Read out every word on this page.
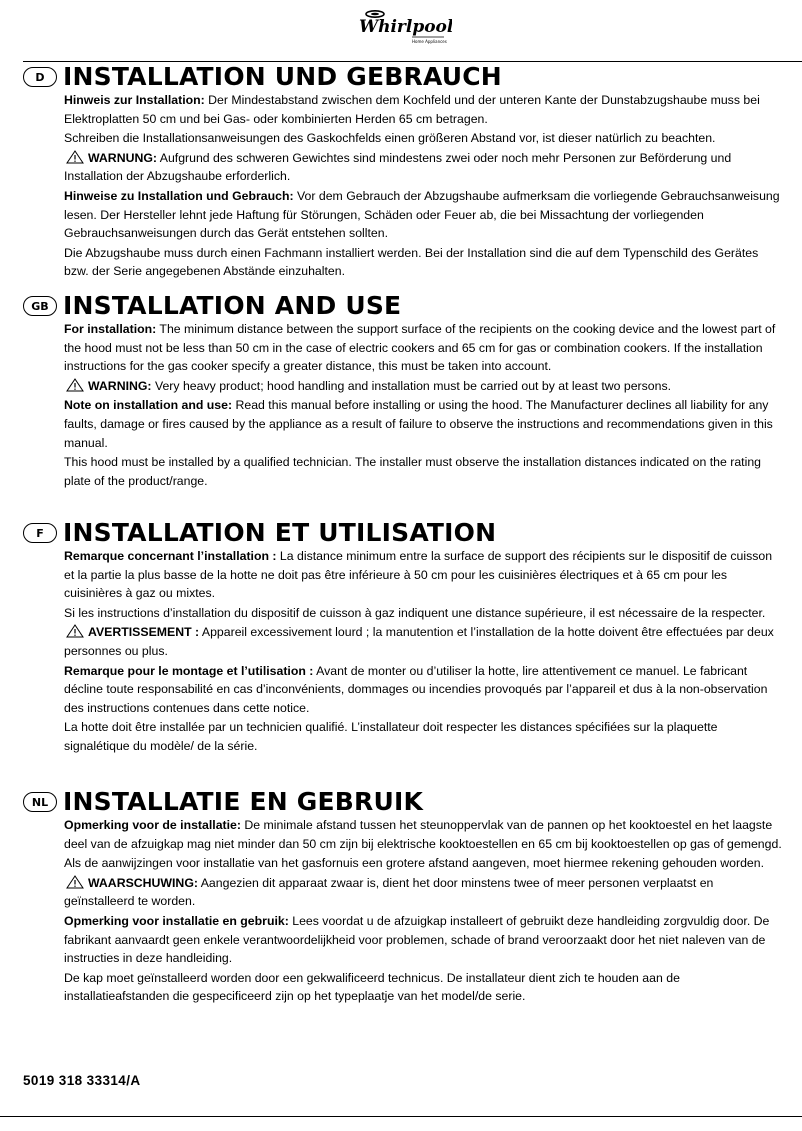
Whirlpool
Home Appliances
D INSTALLATION UND GEBRAUCH

Hinweis zur Installation: Der Mindestabstand zwischen dem Kochfeld und der unteren Kante der Dunstabzugshaube muss bei Elektroplatten 50 cm und bei Gas- oder kombinierten Herden 65 cm betragen.

Schreiben die Installationsanweisungen des Gaskochfelds einen größeren Abstand vor, ist dieser natürlich zu beachten.

WARNUNG: Aufgrund des schweren Gewichtes sind mindestens zwei oder noch mehr Personen zur Beförderung und Installation der Abzugshaube erforderlich.

Hinweise zu Installation und Gebrauch: Vor dem Gebrauch der Abzugshaube aufmerksam die vorliegende Gebrauchsanweisung lesen. Der Hersteller lehnt jede Haftung für Störungen, Schäden oder Feuer ab, die bei Missachtung der vorliegenden Gebrauchsanweisungen durch das Gerät entstehen sollten.

Die Abzugshaube muss durch einen Fachmann installiert werden. Bei der Installation sind die auf dem Typenschild des Gerätes bzw. der Serie angegebenen Abstände einzuhalten.

GB INSTALLATION AND USE

For installation: The minimum distance between the support surface of the recipients on the cooking device and the lowest part of the hood must not be less than 50 cm in the case of electric cookers and 65 cm for gas or combination cookers. If the installation instructions for the gas cooker specify a greater distance, this must be taken into account.

WARNING: Very heavy product; hood handling and installation must be carried out by at least two persons.

Note on installation and use: Read this manual before installing or using the hood. The Manufacturer declines all liability for any faults, damage or fires caused by the appliance as a result of failure to observe the instructions and recommendations given in this manual.

This hood must be installed by a qualified technician. The installer must observe the installation distances indicated on the rating plate of the product/range.

F INSTALLATION ET UTILISATION

Remarque concernant l’installation : La distance minimum entre la surface de support des récipients sur le dispositif de cuisson et la partie la plus basse de la hotte ne doit pas être inférieure à 50 cm pour les cuisinières électriques et à 65 cm pour les cuisinières à gaz ou mixtes.

Si les instructions d’installation du dispositif de cuisson à gaz indiquent une distance supérieure, il est nécessaire de la respecter.

AVERTISSEMENT : Appareil excessivement lourd ; la manutention et l’installation de la hotte doivent être effectuées par deux personnes ou plus.

Remarque pour le montage et l’utilisation : Avant de monter ou d’utiliser la hotte, lire attentivement ce manuel. Le fabricant décline toute responsabilité en cas d’inconvénients, dommages ou incendies provoqués par l’appareil et dus à la non-observation des instructions contenues dans cette notice.

La hotte doit être installée par un technicien qualifié. L’installateur doit respecter les distances spécifiées sur la plaquette signalétique du modèle/ de la série.

NL INSTALLATIE EN GEBRUIK

Opmerking voor de installatie: De minimale afstand tussen het steunoppervlak van de pannen op het kooktoestel en het laagste deel van de afzuigkap mag niet minder dan 50 cm zijn bij elektrische kooktoestellen en 65 cm bij kooktoestellen op gas of gemengd.

Als de aanwijzingen voor installatie van het gasfornuis een grotere afstand aangeven, moet hiermee rekening gehouden worden.

WAARSCHUWING: Aangezien dit apparaat zwaar is, dient het door minstens twee of meer personen verplaatst en geïnstalleerd te worden.

Opmerking voor installatie en gebruik: Lees voordat u de afzuigkap installeert of gebruikt deze handleiding zorgvuldig door. De fabrikant aanvaardt geen enkele verantwoordelijkheid voor problemen, schade of brand veroorzaakt door het niet naleven van de instructies in deze handleiding.

De kap moet geïnstalleerd worden door een gekwalificeerd technicus. De installateur dient zich te houden aan de installatieafstanden die gespecificeerd zijn op het typeplaatje van het model/de serie.

5019 318 33314/A
